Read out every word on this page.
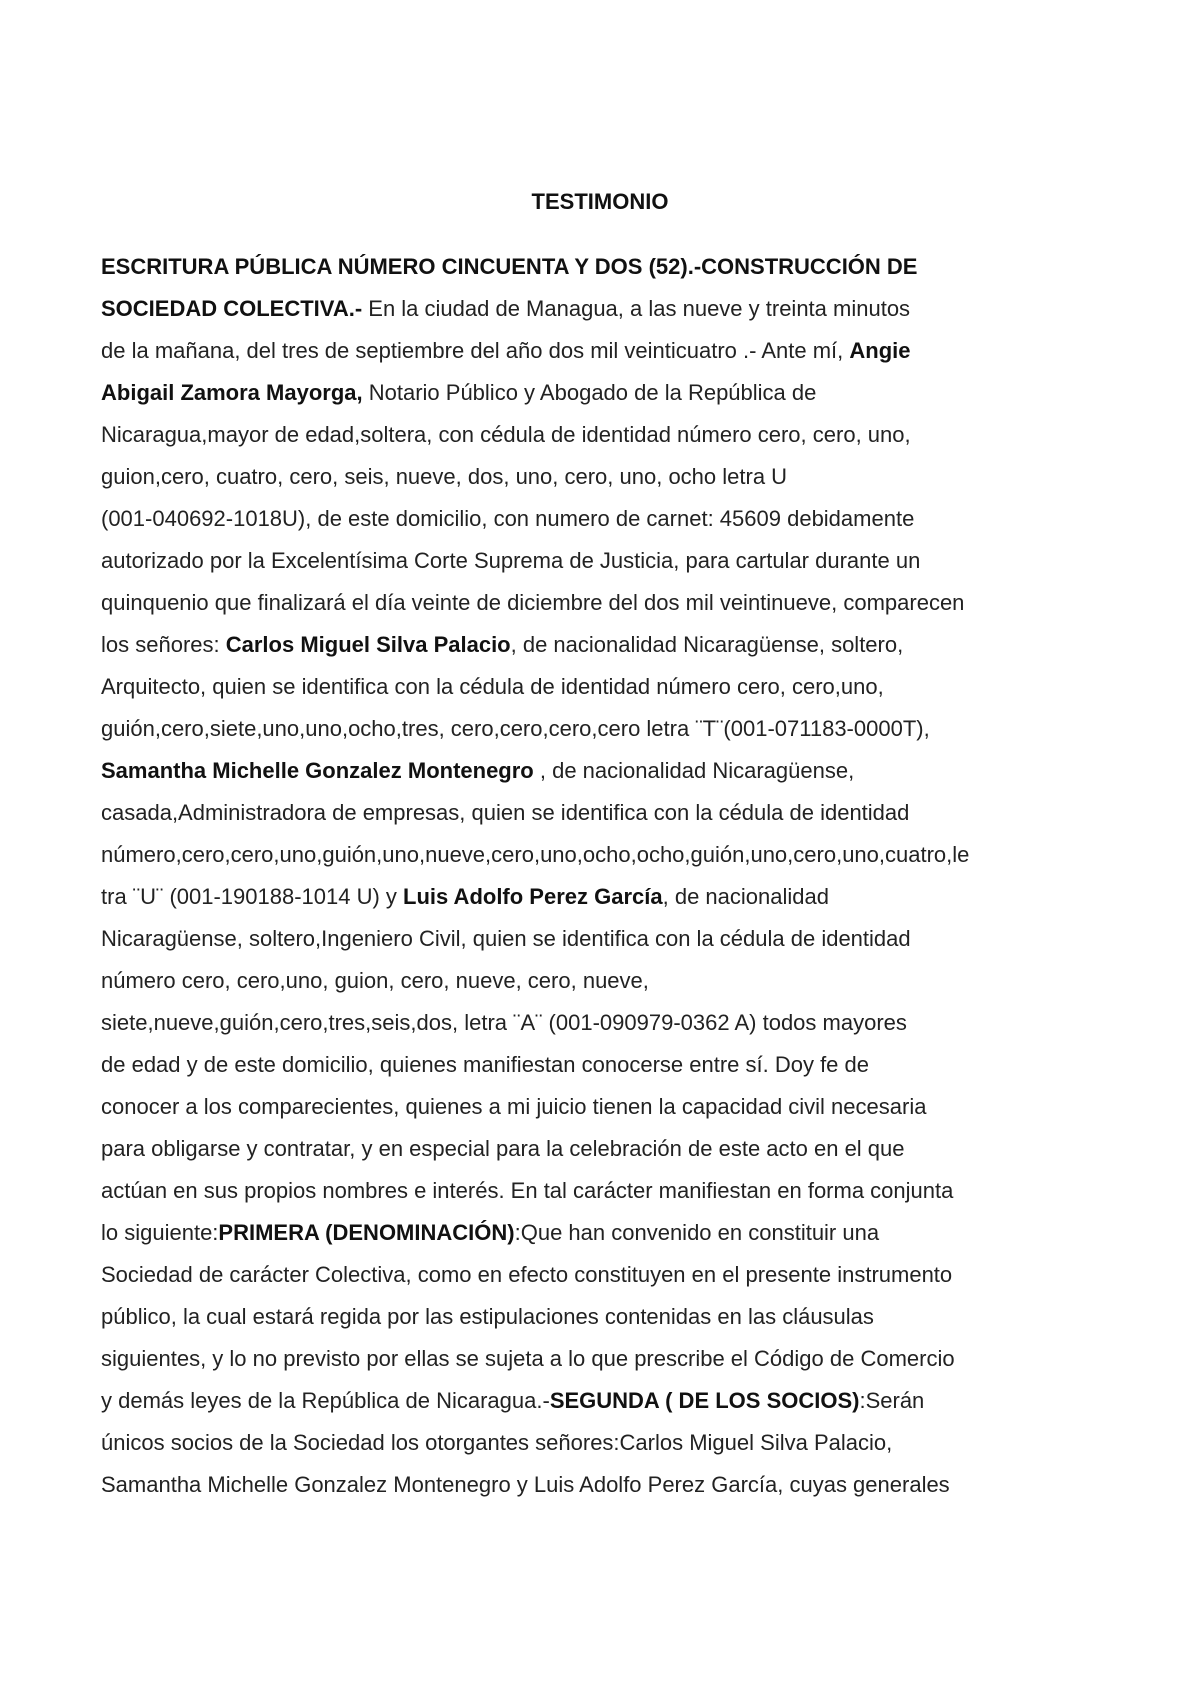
TESTIMONIO
ESCRITURA PÚBLICA NÚMERO CINCUENTA Y DOS (52).-CONSTRUCCIÓN DE
SOCIEDAD COLECTIVA.- En la ciudad de Managua, a las nueve y treinta minutos
de la mañana, del tres de septiembre del año dos mil veinticuatro .- Ante mí, Angie
Abigail Zamora Mayorga, Notario Público y Abogado de la República de
Nicaragua,mayor de edad,soltera, con cédula de identidad número cero, cero, uno,
guion,cero, cuatro, cero, seis, nueve, dos, uno, cero, uno, ocho letra U
(001-040692-1018U), de este domicilio, con numero de carnet: 45609 debidamente
autorizado por la Excelentísima Corte Suprema de Justicia, para cartular durante un
quinquenio que finalizará el día veinte de diciembre del dos mil veintinueve, comparecen
los señores: Carlos Miguel Silva Palacio, de nacionalidad Nicaragüense, soltero,
Arquitecto, quien se identifica con la cédula de identidad número cero, cero,uno,
guión,cero,siete,uno,uno,ocho,tres, cero,cero,cero,cero letra ¨T¨(001-071183-0000T),
Samantha Michelle Gonzalez Montenegro , de nacionalidad Nicaragüense,
casada,Administradora de empresas, quien se identifica con la cédula de identidad
número,cero,cero,uno,guión,uno,nueve,cero,uno,ocho,ocho,guión,uno,cero,uno,cuatro,le
tra ¨U¨ (001-190188-1014 U) y Luis Adolfo Perez García, de nacionalidad
Nicaragüense, soltero,Ingeniero Civil, quien se identifica con la cédula de identidad
número cero, cero,uno, guion, cero, nueve, cero, nueve,
siete,nueve,guión,cero,tres,seis,dos, letra ¨A¨ (001-090979-0362 A) todos mayores
de edad y de este domicilio, quienes manifiestan conocerse entre sí. Doy fe de
conocer a los comparecientes, quienes a mi juicio tienen la capacidad civil necesaria
para obligarse y contratar, y en especial para la celebración de este acto en el que
actúan en sus propios nombres e interés. En tal carácter manifiestan en forma conjunta
lo siguiente:PRIMERA (DENOMINACIÓN):Que han convenido en constituir una
Sociedad de carácter Colectiva, como en efecto constituyen en el presente instrumento
público, la cual estará regida por las estipulaciones contenidas en las cláusulas
siguientes, y lo no previsto por ellas se sujeta a lo que prescribe el Código de Comercio
y demás leyes de la República de Nicaragua.-SEGUNDA ( DE LOS SOCIOS):Serán
únicos socios de la Sociedad los otorgantes señores:Carlos Miguel Silva Palacio,
Samantha Michelle Gonzalez Montenegro y Luis Adolfo Perez García, cuyas generales
